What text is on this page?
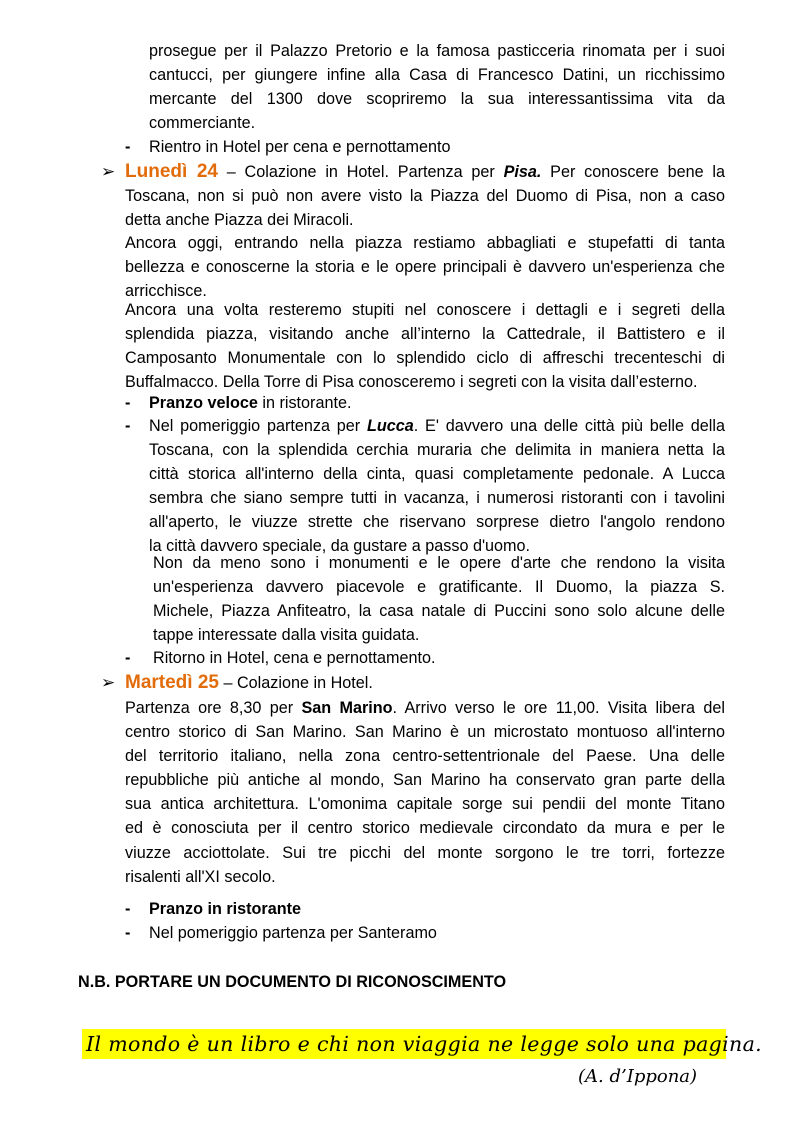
prosegue per il Palazzo Pretorio e la famosa pasticceria rinomata per i suoi
cantucci, per giungere infine alla Casa di Francesco Datini, un ricchissimo
mercante del 1300 dove scopriremo la sua interessantissima vita da
commerciante.

- Rientro in Hotel per cena e pernottamento

➢ Lunedì 24 – Colazione in Hotel. Partenza per Pisa. Per conoscere bene la
Toscana, non si può non avere visto la Piazza del Duomo di Pisa, non a caso
detta anche Piazza dei Miracoli.

Ancora oggi, entrando nella piazza restiamo abbagliati e stupefatti di tanta
bellezza e conoscerne la storia e le opere principali è davvero un'esperienza che
arricchisce.

Ancora una volta resteremo stupiti nel conoscere i dettagli e i segreti della
splendida piazza, visitando anche all’interno la Cattedrale, il Battistero e il
Camposanto Monumentale con lo splendido ciclo di affreschi trecenteschi di
Buffalmacco. Della Torre di Pisa conosceremo i segreti con la visita dall’esterno.

- Pranzo veloce in ristorante.

- Nel pomeriggio partenza per Lucca. E' davvero una delle città più belle della
Toscana, con la splendida cerchia muraria che delimita in maniera netta la
città storica all'interno della cinta, quasi completamente pedonale. A Lucca
sembra che siano sempre tutti in vacanza, i numerosi ristoranti con i tavolini
all'aperto, le viuzze strette che riservano sorprese dietro l'angolo rendono
la città davvero speciale, da gustare a passo d'uomo.

Non da meno sono i monumenti e le opere d'arte che rendono la visita
un'esperienza davvero piacevole e gratificante. Il Duomo, la piazza S.
Michele, Piazza Anfiteatro, la casa natale di Puccini sono solo alcune delle
tappe interessate dalla visita guidata.

- Ritorno in Hotel, cena e pernottamento.

➢ Martedì 25 – Colazione in Hotel.

Partenza ore 8,30 per San Marino. Arrivo verso le ore 11,00. Visita libera del
centro storico di San Marino. San Marino è un microstato montuoso all'interno
del territorio italiano, nella zona centro-settentrionale del Paese. Una delle
repubbliche più antiche al mondo, San Marino ha conservato gran parte della
sua antica architettura. L'omonima capitale sorge sui pendii del monte Titano
ed è conosciuta per il centro storico medievale circondato da mura e per le
viuzze acciottolate. Sui tre picchi del monte sorgono le tre torri, fortezze
risalenti all'XI secolo.

- Pranzo in ristorante

- Nel pomeriggio partenza per Santeramo

N.B. PORTARE UN DOCUMENTO DI RICONOSCIMENTO
Il mondo è un libro e chi non viaggia ne legge solo una pagina.
(A. d’Ippona)
